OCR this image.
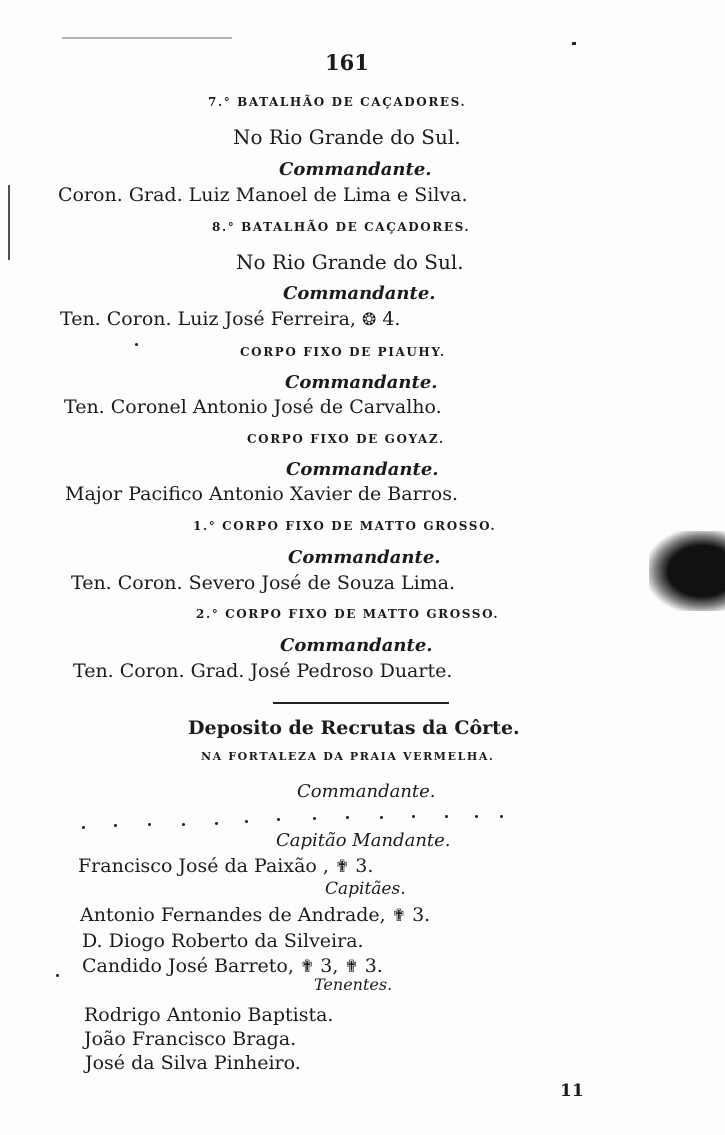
161
7.° BATALHÃO DE CAÇADORES.
No Rio Grande do Sul.
Commandante.
Coron. Grad. Luiz Manoel de Lima e Silva.
8.° BATALHÃO DE CAÇADORES.
No Rio Grande do Sul.
Commandante.
Ten. Coron. Luiz José Ferreira, ❂ 4.
CORPO FIXO DE PIAUHY.
Commandante.
Ten. Coronel Antonio José de Carvalho.
CORPO FIXO DE GOYAZ.
Commandante.
Major Pacifico Antonio Xavier de Barros.
1.° CORPO FIXO DE MATTO GROSSO.
Commandante.
Ten. Coron. Severo José de Souza Lima.
2.° CORPO FIXO DE MATTO GROSSO.
Commandante.
Ten. Coron. Grad. José Pedroso Duarte.
Deposito de Recrutas da Côrte.
NA FORTALEZA DA PRAIA VERMELHA.
Commandante.
Capitão Mandante.
Francisco José da Paixão , ✟ 3.
Capitães.
Antonio Fernandes de Andrade, ✟ 3.
D. Diogo Roberto da Silveira.
Candido José Barreto, ✟ 3, ✟ 3.
Tenentes.
Rodrigo Antonio Baptista.
João Francisco Braga.
José da Silva Pinheiro.
11
